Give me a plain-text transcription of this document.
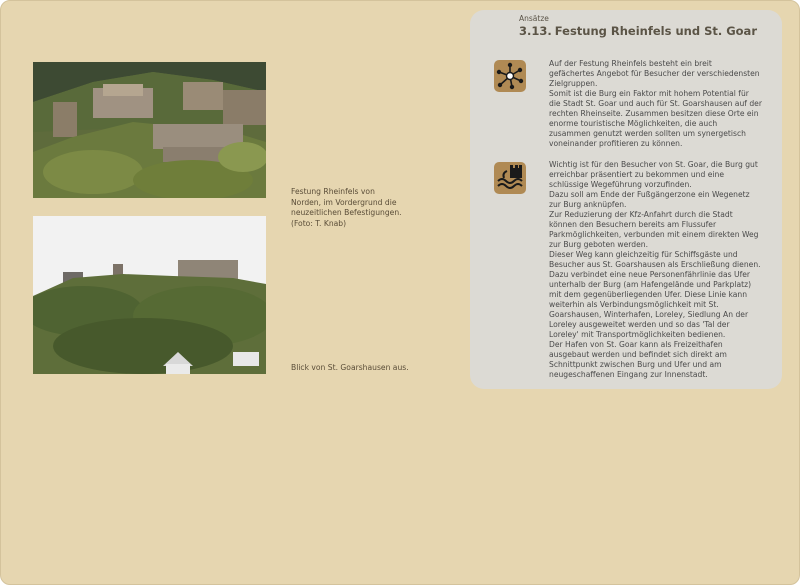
Festung Rheinfels von
Norden, im Vordergrund die
neuzeitlichen Befestigungen.
(Foto: T. Knab)
Blick von St. Goarshausen aus.
Ansätze
3.13. Festung Rheinfels und St. Goar
Auf der Festung Rheinfels besteht ein breit
gefächertes Angebot für Besucher der verschiedensten
Zielgruppen.
Somit ist die Burg ein Faktor mit hohem Potential für
die Stadt St. Goar und auch für St. Goarshausen auf der
rechten Rheinseite. Zusammen besitzen diese Orte ein
enorme touristische Möglichkeiten, die auch
zusammen genutzt werden sollten um synergetisch
voneinander profitieren zu können.
Wichtig ist für den Besucher von St. Goar, die Burg gut
erreichbar präsentiert zu bekommen und eine
schlüssige Wegeführung vorzufinden.
Dazu soll am Ende der Fußgängerzone ein Wegenetz
zur Burg anknüpfen.
Zur Reduzierung der Kfz-Anfahrt durch die Stadt
können den Besuchern bereits am Flussufer
Parkmöglichkeiten, verbunden mit einem direkten Weg
zur Burg geboten werden.
Dieser Weg kann gleichzeitig für Schiffsgäste und
Besucher aus St. Goarshausen als Erschließung dienen.
Dazu verbindet eine neue Personenfährlinie das Ufer
unterhalb der Burg (am Hafengelände und Parkplatz)
mit dem gegenüberliegenden Ufer. Diese Linie kann
weiterhin als Verbindungsmöglichkeit mit St.
Goarshausen, Winterhafen, Loreley, Siedlung An der
Loreley ausgeweitet werden und so das 'Tal der
Loreley' mit Transportmöglichkeiten bedienen.
Der Hafen von St. Goar kann als Freizeithafen
ausgebaut werden und befindet sich direkt am
Schnittpunkt zwischen Burg und Ufer und am
neugeschaffenen Eingang zur Innenstadt.
